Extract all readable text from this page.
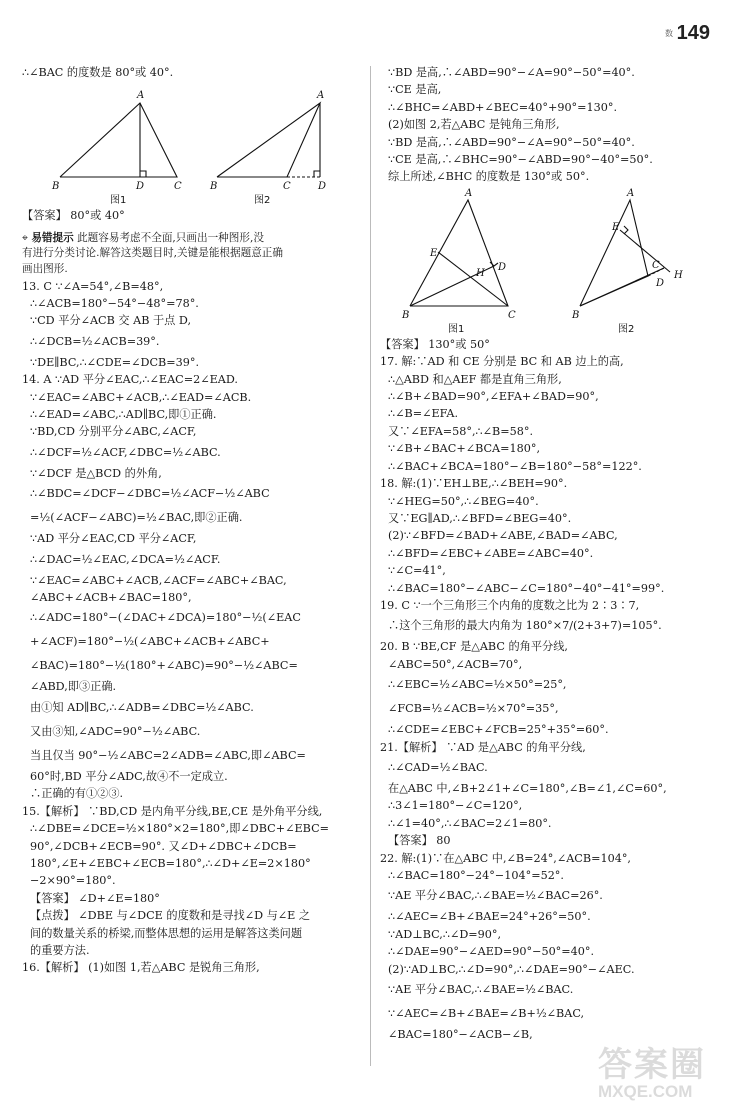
数 149
∴∠BAC 的度数是 80°或 40°.
A
B	D	C
A
B	C	D
图1	图2
【答案】 80°或 40°
⌖ 易错提示 此题容易考虑不全面,只画出一种图形,没
有进行分类讨论.解答这类题目时,关键是能根据题意正确
画出图形.
13. C ∵∠A=54°,∠B=48°,
∴∠ACB=180°−54°−48°=78°.
∵CD 平分∠ACB 交 AB 于点 D,
∴∠DCB=½∠ACB=39°.
∵DE∥BC,∴∠CDE=∠DCB=39°.
14. A ∵AD 平分∠EAC,∴∠EAC=2∠EAD.
∵∠EAC=∠ABC+∠ACB,∴∠EAD=∠ACB.
∴∠EAD=∠ABC,∴AD∥BC,即①正确.
∵BD,CD 分别平分∠ABC,∠ACF,
∴∠DCF=½∠ACF,∠DBC=½∠ABC.
∵∠DCF 是△BCD 的外角,
∴∠BDC=∠DCF−∠DBC=½∠ACF−½∠ABC
=½(∠ACF−∠ABC)=½∠BAC,即②正确.
∵AD 平分∠EAC,CD 平分∠ACF,
∴∠DAC=½∠EAC,∠DCA=½∠ACF.
∵∠EAC=∠ABC+∠ACB,∠ACF=∠ABC+∠BAC,
∠ABC+∠ACB+∠BAC=180°,
∴∠ADC=180°−(∠DAC+∠DCA)=180°−½(∠EAC
+∠ACF)=180°−½(∠ABC+∠ACB+∠ABC+
∠BAC)=180°−½(180°+∠ABC)=90°−½∠ABC=
∠ABD,即③正确.
由①知 AD∥BC,∴∠ADB=∠DBC=½∠ABC.
又由③知,∠ADC=90°−½∠ABC.
当且仅当 90°−½∠ABC=2∠ADB=∠ABC,即∠ABC=
60°时,BD 平分∠ADC,故④不一定成立.
∴正确的有①②③.
15.【解析】 ∵BD,CD 是内角平分线,BE,CE 是外角平分线,
∴∠DBE=∠DCE=½×180°×2=180°,即∠DBC+∠EBC=
90°,∠DCB+∠ECB=90°. 又∠D+∠DBC+∠DCB=
180°,∠E+∠EBC+∠ECB=180°,∴∠D+∠E=2×180°
−2×90°=180°.
【答案】 ∠D+∠E=180°
【点拨】 ∠DBE 与∠DCE 的度数和是寻找∠D 与∠E 之
间的数量关系的桥梁,而整体思想的运用是解答这类问题
的重要方法.
16.【解析】 (1)如图 1,若△ABC 是锐角三角形,
∵BD 是高,∴∠ABD=90°−∠A=90°−50°=40°.
∵CE 是高,
∴∠BHC=∠ABD+∠BEC=40°+90°=130°.
(2)如图 2,若△ABC 是钝角三角形,
∵BD 是高,∴∠ABD=90°−∠A=90°−50°=40°.
∵CE 是高,∴∠BHC=90°−∠ABD=90°−40°=50°.
综上所述,∠BHC 的度数是 130°或 50°.
A
E
H
D
B	C
A
E
C
H
D
B
图1	图2
【答案】 130°或 50°
17. 解:∵AD 和 CE 分别是 BC 和 AB 边上的高,
∴△ABD 和△AEF 都是直角三角形,
∴∠B+∠BAD=90°,∠EFA+∠BAD=90°,
∴∠B=∠EFA.
又∵∠EFA=58°,∴∠B=58°.
∵∠B+∠BAC+∠BCA=180°,
∴∠BAC+∠BCA=180°−∠B=180°−58°=122°.
18. 解:(1)∵EH⊥BE,∴∠BEH=90°.
∵∠HEG=50°,∴∠BEG=40°.
又∵EG∥AD,∴∠BFD=∠BEG=40°.
(2)∵∠BFD=∠BAD+∠ABE,∠BAD=∠ABC,
∴∠BFD=∠EBC+∠ABE=∠ABC=40°.
∵∠C=41°,
∴∠BAC=180°−∠ABC−∠C=180°−40°−41°=99°.
19. C ∵一个三角形三个内角的度数之比为 2∶3∶7,
∴这个三角形的最大内角为 180°×7/(2+3+7)=105°.
20. B ∵BE,CF 是△ABC 的角平分线,
∠ABC=50°,∠ACB=70°,
∴∠EBC=½∠ABC=½×50°=25°,
∠FCB=½∠ACB=½×70°=35°,
∴∠CDE=∠EBC+∠FCB=25°+35°=60°.
21.【解析】 ∵AD 是△ABC 的角平分线,
∴∠CAD=½∠BAC.
在△ABC 中,∠B+2∠1+∠C=180°,∠B=∠1,∠C=60°,
∴3∠1=180°−∠C=120°,
∴∠1=40°,∴∠BAC=2∠1=80°.
【答案】 80
22. 解:(1)∵在△ABC 中,∠B=24°,∠ACB=104°,
∴∠BAC=180°−24°−104°=52°.
∵AE 平分∠BAC,∴∠BAE=½∠BAC=26°.
∴∠AEC=∠B+∠BAE=24°+26°=50°.
∵AD⊥BC,∴∠D=90°,
∴∠DAE=90°−∠AED=90°−50°=40°.
(2)∵AD⊥BC,∴∠D=90°,∴∠DAE=90°−∠AEC.
∵AE 平分∠BAC,∴∠BAE=½∠BAC.
∵∠AEC=∠B+∠BAE=∠B+½∠BAC,
∠BAC=180°−∠ACB−∠B,
答案圈
MXQE.COM
